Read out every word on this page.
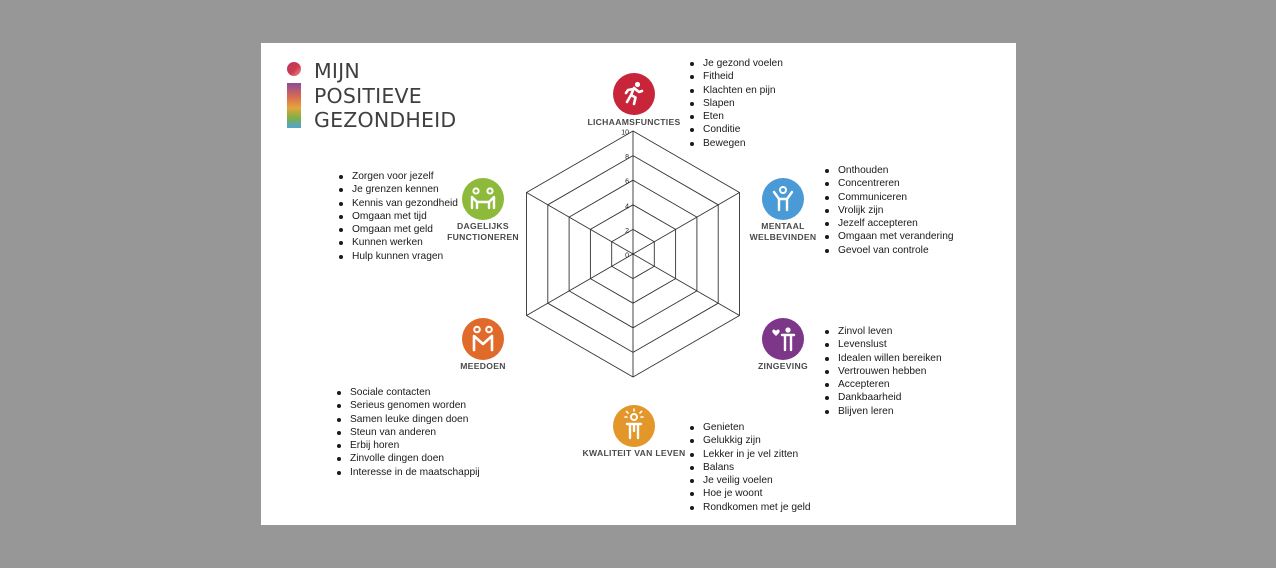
MIJN
POSITIEVE
GEZONDHEID
0
2
4
6
8
10
LICHAAMSFUNCTIES
Je gezond voelen
Fitheid
Klachten en pijn
Slapen
Eten
Conditie
Bewegen
MENTAAL
WELBEVINDEN
Onthouden
Concentreren
Communiceren
Vrolijk zijn
Jezelf accepteren
Omgaan met verandering
Gevoel van controle
ZINGEVING
Zinvol leven
Levenslust
Idealen willen bereiken
Vertrouwen hebben
Accepteren
Dankbaarheid
Blijven leren
KWALITEIT VAN LEVEN
Genieten
Gelukkig zijn
Lekker in je vel zitten
Balans
Je veilig voelen
Hoe je woont
Rondkomen met je geld
MEEDOEN
Sociale contacten
Serieus genomen worden
Samen leuke dingen doen
Steun van anderen
Erbij horen
Zinvolle dingen doen
Interesse in de maatschappij
DAGELIJKS
FUNCTIONEREN
Zorgen voor jezelf
Je grenzen kennen
Kennis van gezondheid
Omgaan met tijd
Omgaan met geld
Kunnen werken
Hulp kunnen vragen
